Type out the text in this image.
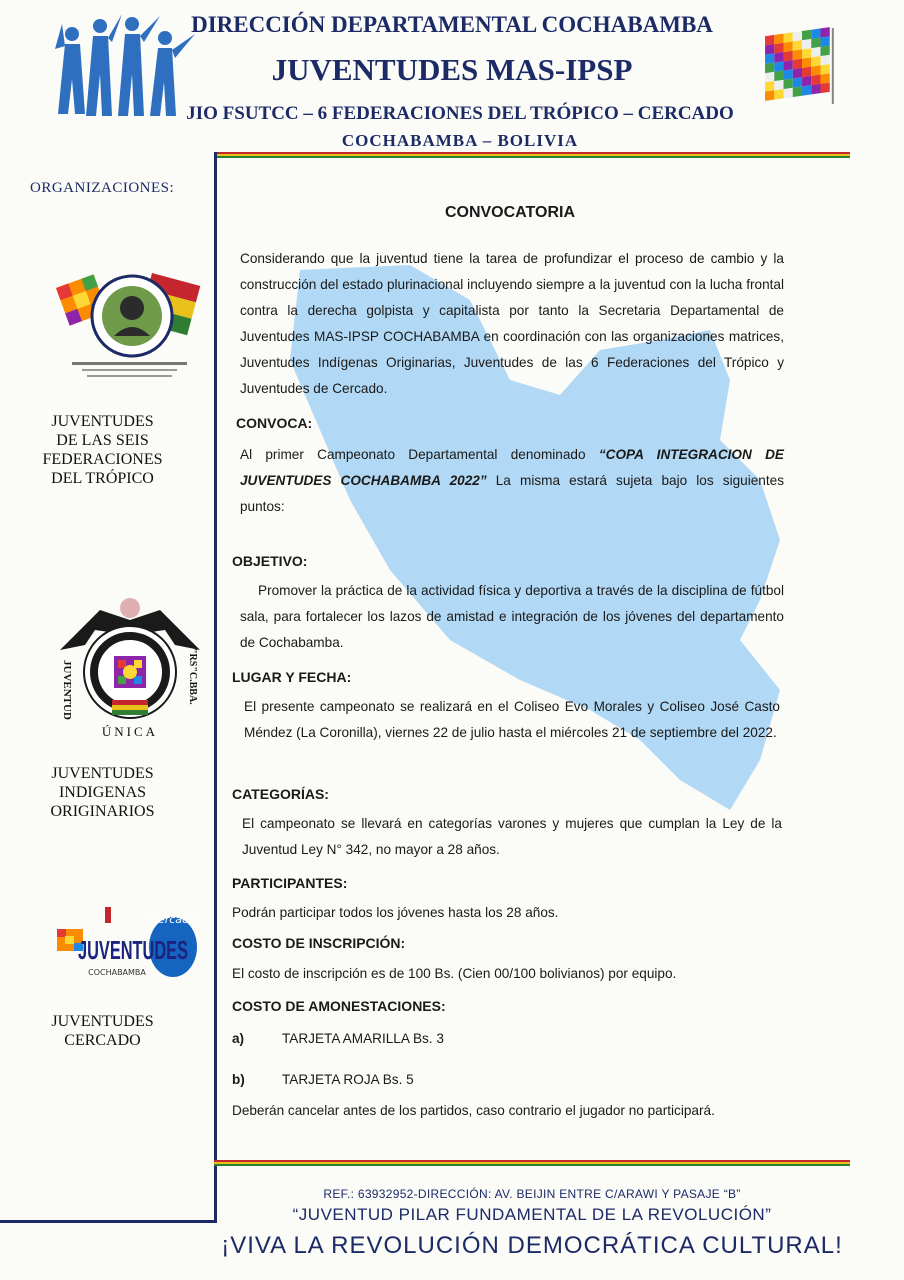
DIRECCIÓN DEPARTAMENTAL COCHABAMBA
JUVENTUDES MAS-IPSP
JIO FSUTCC – 6 FEDERACIONES DEL TRÓPICO – CERCADO
COCHABAMBA – BOLIVIA
ORGANIZACIONES:
JUVENTUDES
DE LAS SEIS
FEDERACIONES
DEL TRÓPICO
JUVENTUD	"RS"C.BBA.
ÚNICA
JUVENTUDES
INDIGENAS
ORIGINARIOS
Cercado
JUVENTUDES
COCHABAMBA
JUVENTUDES
CERCADO
CONVOCATORIA
Considerando que la juventud tiene la tarea de profundizar el proceso de cambio y la construcción del estado plurinacional incluyendo siempre a la juventud con la lucha frontal contra la derecha golpista y capitalista por tanto la Secretaria Departamental de Juventudes MAS-IPSP COCHABAMBA en coordinación con las organizaciones matrices, Juventudes Indígenas Originarias, Juventudes de las 6 Federaciones del Trópico y Juventudes de Cercado.
CONVOCA:
Al primer Campeonato Departamental denominado “COPA INTEGRACION DE JUVENTUDES COCHABAMBA 2022” La misma estará sujeta bajo los siguientes puntos:
OBJETIVO:
Promover la práctica de la actividad física y deportiva a través de la disciplina de fútbol sala, para fortalecer los lazos de amistad e integración de los jóvenes del departamento de Cochabamba.
LUGAR Y FECHA:
El presente campeonato se realizará en el Coliseo Evo Morales y Coliseo José Casto Méndez (La Coronilla), viernes 22 de julio hasta el miércoles 21 de septiembre del 2022.
CATEGORÍAS:
El campeonato se llevará en categorías varones y mujeres que cumplan la Ley de la Juventud Ley N° 342, no mayor a 28 años.
PARTICIPANTES:
Podrán participar todos los jóvenes hasta los 28 años.
COSTO DE INSCRIPCIÓN:
El costo de inscripción es de 100 Bs. (Cien 00/100 bolivianos) por equipo.
COSTO DE AMONESTACIONES:
a)	TARJETA AMARILLA Bs. 3
b)	TARJETA ROJA Bs. 5
Deberán cancelar antes de los partidos, caso contrario el jugador no participará.
REF.: 63932952-DIRECCIÓN: AV. BEIJIN ENTRE C/ARAWI Y PASAJE “B”
“JUVENTUD PILAR FUNDAMENTAL DE LA REVOLUCIÓN”
¡VIVA LA REVOLUCIÓN DEMOCRÁTICA CULTURAL!
